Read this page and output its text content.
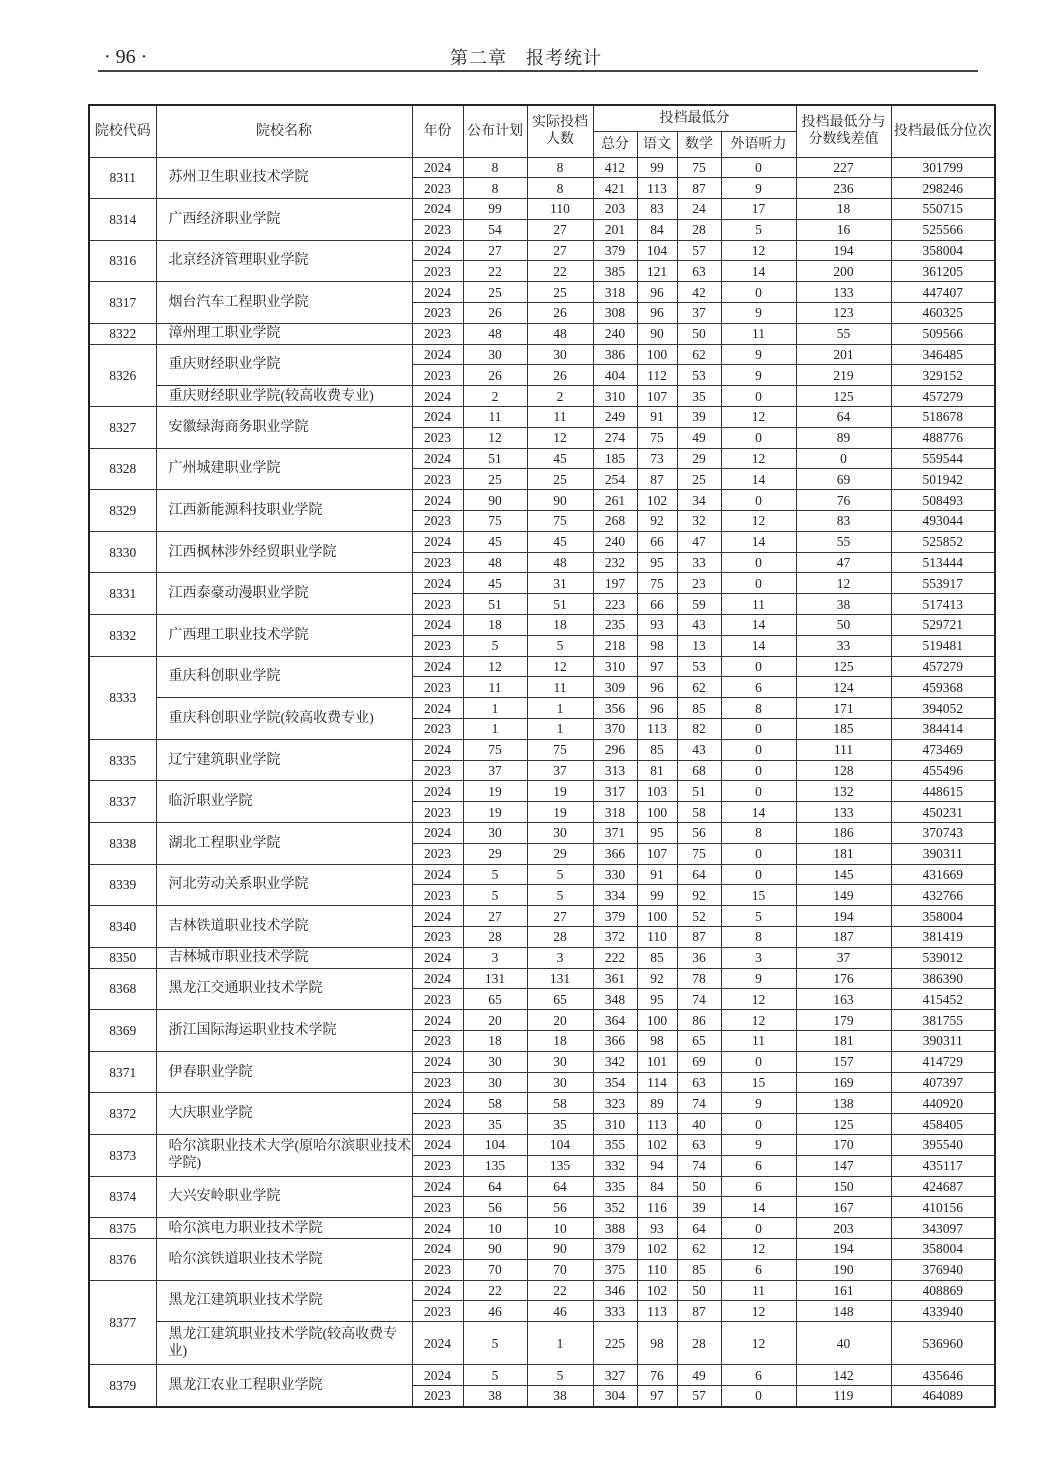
· 96 ·	第二章　报考统计
院校代码	院校名称	年份	公布计划	实际投档人数	投档最低分				投档最低分与分数线差值	投档最低分位次
					总分	语文	数学	外语听力		
8311	苏州卫生职业技术学院	2024	8	8	412	99	75	0	227	301799
		2023	8	8	421	113	87	9	236	298246
8314	广西经济职业学院	2024	99	110	203	83	24	17	18	550715
		2023	54	27	201	84	28	5	16	525566
8316	北京经济管理职业学院	2024	27	27	379	104	57	12	194	358004
		2023	22	22	385	121	63	14	200	361205
8317	烟台汽车工程职业学院	2024	25	25	318	96	42	0	133	447407
		2023	26	26	308	96	37	9	123	460325
8322	漳州理工职业学院	2023	48	48	240	90	50	11	55	509566
8326	重庆财经职业学院	2024	30	30	386	100	62	9	201	346485
		2023	26	26	404	112	53	9	219	329152
	重庆财经职业学院(较高收费专业)	2024	2	2	310	107	35	0	125	457279
8327	安徽绿海商务职业学院	2024	11	11	249	91	39	12	64	518678
		2023	12	12	274	75	49	0	89	488776
8328	广州城建职业学院	2024	51	45	185	73	29	12	0	559544
		2023	25	25	254	87	25	14	69	501942
8329	江西新能源科技职业学院	2024	90	90	261	102	34	0	76	508493
		2023	75	75	268	92	32	12	83	493044
8330	江西枫林涉外经贸职业学院	2024	45	45	240	66	47	14	55	525852
		2023	48	48	232	95	33	0	47	513444
8331	江西泰豪动漫职业学院	2024	45	31	197	75	23	0	12	553917
		2023	51	51	223	66	59	11	38	517413
8332	广西理工职业技术学院	2024	18	18	235	93	43	14	50	529721
		2023	5	5	218	98	13	14	33	519481
8333	重庆科创职业学院	2024	12	12	310	97	53	0	125	457279
		2023	11	11	309	96	62	6	124	459368
	重庆科创职业学院(较高收费专业)	2024	1	1	356	96	85	8	171	394052
		2023	1	1	370	113	82	0	185	384414
8335	辽宁建筑职业学院	2024	75	75	296	85	43	0	111	473469
		2023	37	37	313	81	68	0	128	455496
8337	临沂职业学院	2024	19	19	317	103	51	0	132	448615
		2023	19	19	318	100	58	14	133	450231
8338	湖北工程职业学院	2024	30	30	371	95	56	8	186	370743
		2023	29	29	366	107	75	0	181	390311
8339	河北劳动关系职业学院	2024	5	5	330	91	64	0	145	431669
		2023	5	5	334	99	92	15	149	432766
8340	吉林铁道职业技术学院	2024	27	27	379	100	52	5	194	358004
		2023	28	28	372	110	87	8	187	381419
8350	吉林城市职业技术学院	2024	3	3	222	85	36	3	37	539012
8368	黑龙江交通职业技术学院	2024	131	131	361	92	78	9	176	386390
		2023	65	65	348	95	74	12	163	415452
8369	浙江国际海运职业技术学院	2024	20	20	364	100	86	12	179	381755
		2023	18	18	366	98	65	11	181	390311
8371	伊春职业学院	2024	30	30	342	101	69	0	157	414729
		2023	30	30	354	114	63	15	169	407397
8372	大庆职业学院	2024	58	58	323	89	74	9	138	440920
		2023	35	35	310	113	40	0	125	458405
8373	哈尔滨职业技术大学(原哈尔滨职业技术学院)	2024	104	104	355	102	63	9	170	395540
		2023	135	135	332	94	74	6	147	435117
8374	大兴安岭职业学院	2024	64	64	335	84	50	6	150	424687
		2023	56	56	352	116	39	14	167	410156
8375	哈尔滨电力职业技术学院	2024	10	10	388	93	64	0	203	343097
8376	哈尔滨铁道职业技术学院	2024	90	90	379	102	62	12	194	358004
		2023	70	70	375	110	85	6	190	376940
8377	黑龙江建筑职业技术学院	2024	22	22	346	102	50	11	161	408869
		2023	46	46	333	113	87	12	148	433940
	黑龙江建筑职业技术学院(较高收费专业)	2024	5	1	225	98	28	12	40	536960
8379	黑龙江农业工程职业学院	2024	5	5	327	76	49	6	142	435646
		2023	38	38	304	97	57	0	119	464089
